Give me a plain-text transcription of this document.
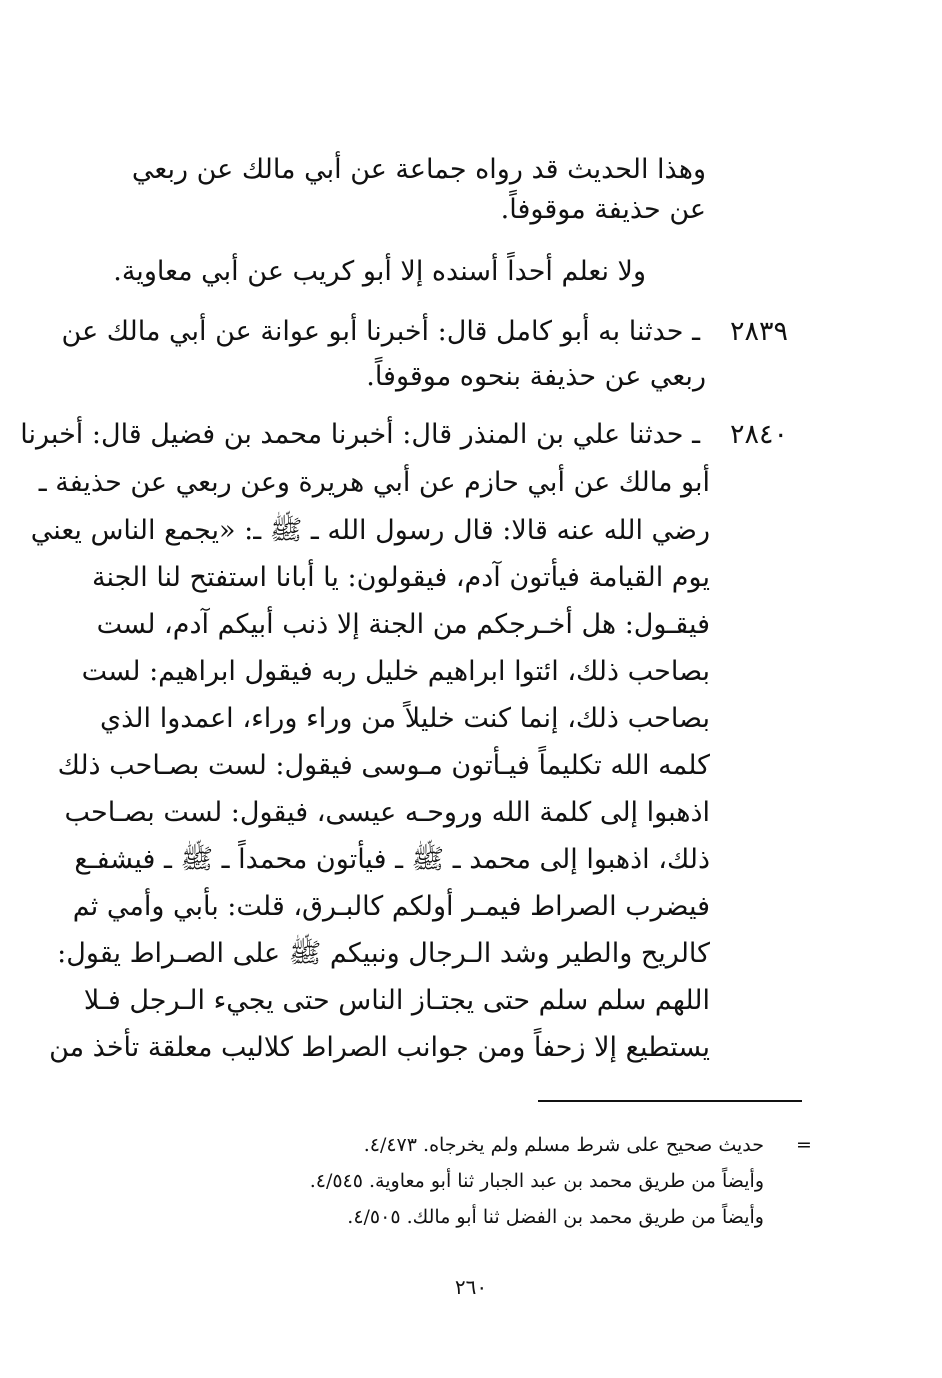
وهذا الحديث قد رواه جماعة عن أبي مالك عن ربعي
عن حذيفة موقوفاً.
ولا نعلم أحداً أسنده إلا أبو كريب عن أبي معاوية.
٢٨٣٩
ـ حدثنا به أبو كامل قال: أخبرنا أبو عوانة عن أبي مالك عن
ربعي عن حذيفة بنحوه موقوفاً.
٢٨٤٠
ـ حدثنا علي بن المنذر قال: أخبرنا محمد بن فضيل قال: أخبرنا
أبو مالك عن أبي حازم عن أبي هريرة وعن ربعي عن حذيفة ـ
رضي الله عنه قالا: قال رسول الله ـ ﷺ ـ: «يجمع الناس يعني
يوم القيامة فيأتون آدم، فيقولون: يا أبانا استفتح لنا الجنة
فيقـول: هل أخـرجكم من الجنة إلا ذنب أبيكم آدم، لست
بصاحب ذلك، ائتوا ابراهيم خليل ربه فيقول ابراهيم: لست
بصاحب ذلك، إنما كنت خليلاً من وراء وراء، اعمدوا الذي
كلمه الله تكليماً فيـأتون مـوسى فيقول: لست بصـاحب ذلك
اذهبوا إلى كلمة الله وروحـه عيسى، فيقول: لست بصـاحب
ذلك، اذهبوا إلى محمد ـ ﷺ ـ فيأتون محمداً ـ ﷺ ـ فيشفـع
فيضرب الصراط فيمـر أولكم كالبـرق، قلت: بأبي وأمي ثم
كالريح والطير وشد الـرجال ونبيكم ﷺ على الصـراط يقول:
اللهم سلم سلم حتى يجتـاز الناس حتى يجيء الـرجل فـلا
يستطيع إلا زحفاً ومن جوانب الصراط كلاليب معلقة تأخذ من
=
حديث صحيح على شرط مسلم ولم يخرجاه. ٤/٤٧٣.
وأيضاً من طريق محمد بن عبد الجبار ثنا أبو معاوية. ٤/٥٤٥.
وأيضاً من طريق محمد بن الفضل ثنا أبو مالك. ٤/٥٠٥.
٢٦٠
